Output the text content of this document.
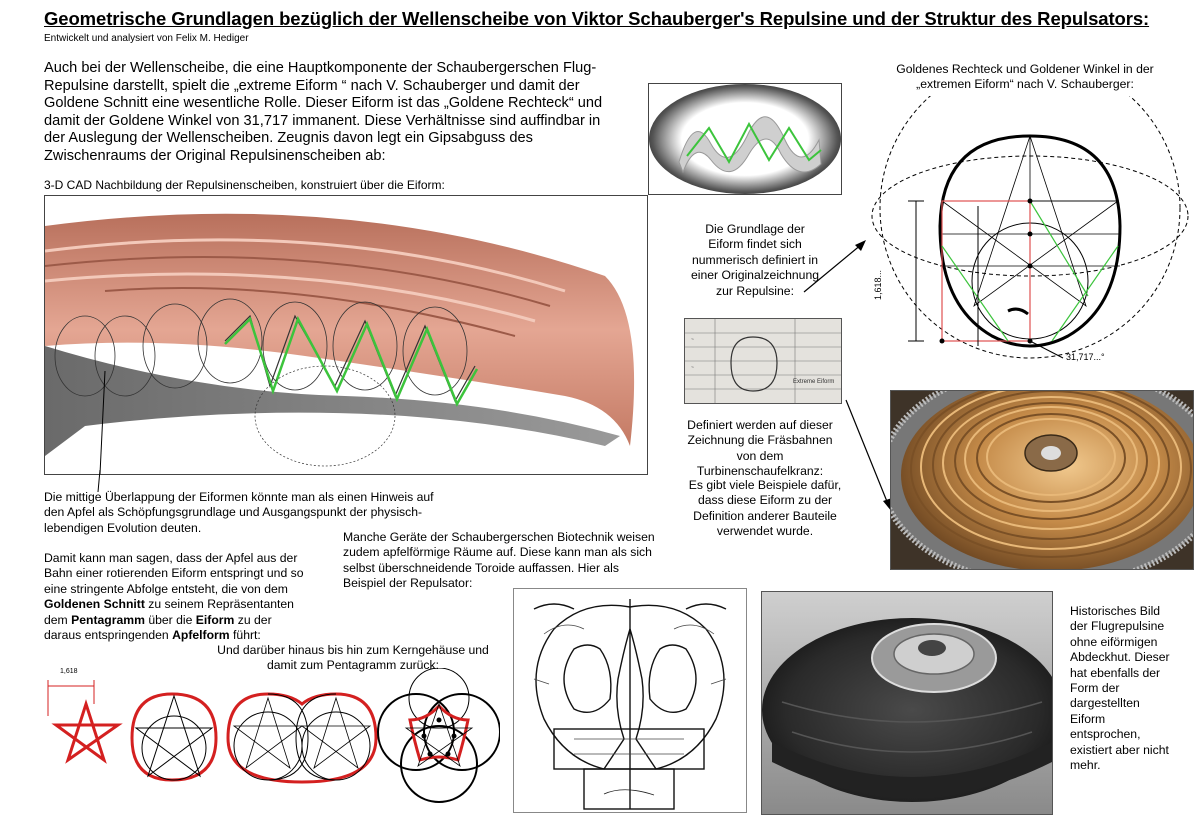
Geometrische Grundlagen bezüglich der Wellenscheibe von Viktor Schauberger's Repulsine und der Struktur des Repulsators:
Entwickelt und analysiert von Felix M. Hediger
Auch bei der Wellenscheibe, die eine Hauptkomponente der Schaubergerschen Flug-Repulsine darstellt, spielt die „extreme Eiform “ nach V. Schauberger und damit der Goldene Schnitt eine wesentliche Rolle. Dieser Eiform ist das „Goldene Rechteck“ und damit der Goldene Winkel von 31,717 immanent. Diese Verhältnisse sind auffindbar in der Auslegung der Wellenscheiben. Zeugnis davon legt ein Gipsabguss des Zwischenraums der Original Repulsinenscheiben ab:
3-D CAD Nachbildung der Repulsinenscheiben, konstruiert über die Eiform:
Die mittige Überlappung der Eiformen könnte man als einen Hinweis auf den Apfel als Schöpfungsgrundlage und Ausgangspunkt der physisch-lebendigen Evolution deuten.
Goldenes Rechteck und Goldener Winkel in der „extremen Eiform“ nach V. Schauberger:
1,618...
31,717...°
Die Grundlage der Eiform findet sich nummerisch definiert in einer Originalzeichnung zur Repulsine:
Extreme Eiform
~
~
Definiert werden auf dieser Zeichnung die Fräsbahnen von dem Turbinenschaufelkranz:
Es gibt viele Beispiele dafür, dass diese Eiform zu der Definition anderer Bauteile verwendet wurde.
Damit kann man sagen, dass der Apfel aus der Bahn einer rotierenden Eiform entspringt und so eine stringente Abfolge entsteht, die von dem Goldenen Schnitt zu seinem Repräsentanten dem Pentagramm über die Eiform zu der daraus entspringenden Apfelform führt:
Manche Geräte der Schaubergerschen Biotechnik weisen zudem apfelförmige Räume auf. Diese kann man als sich selbst überschneidende Toroide auffassen. Hier als Beispiel der Repulsator:
Und darüber hinaus bis hin zum Kerngehäuse und damit zum Pentagramm zurück:
1,618
Historisches Bild der Flugrepulsine ohne eiförmigen Abdeckhut. Dieser hat ebenfalls der Form der dargestellten Eiform entsprochen, existiert aber nicht mehr.
